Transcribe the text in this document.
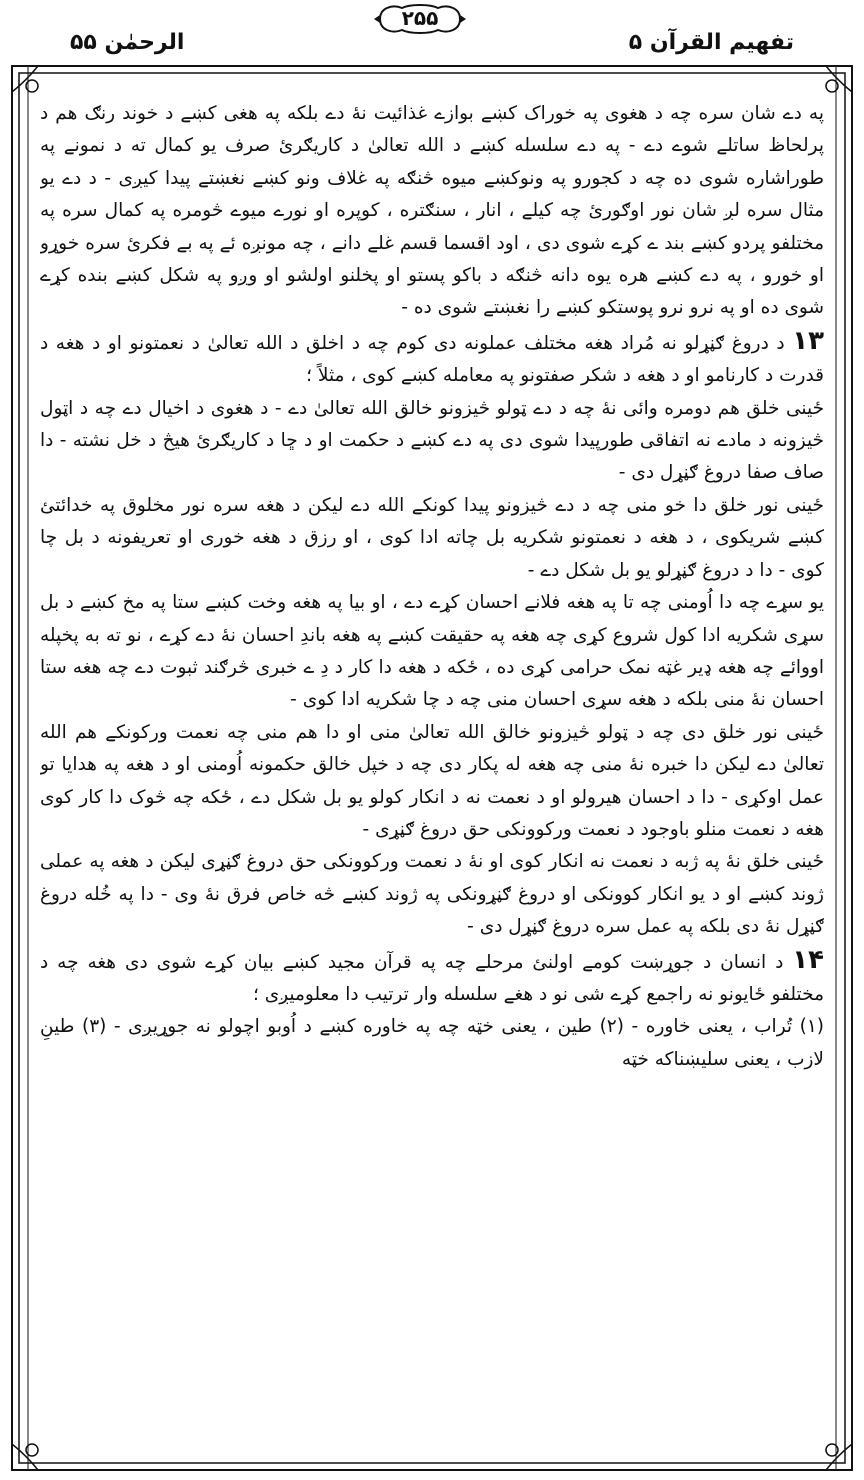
الرحمٰن ۵۵
۲۵۵
تفهيم القرآن ۵

په دے شان سره چه د هغوی په خوراک کښے بوازے غذائيت نۀ دے بلکه په هغی کښے د خوند رنګ هم د پرلحاظ ساتلے شوے دے - په دے سلسله کښے د الله تعالیٰ د کاريګرئ صرف يو کمال ته د نمونے په طوراشاره شوی ده چه د کجورو په ونوکښے ميوه څنګه په غلاف ونو کښے نغښتے پيدا کيږی - د دے يو مثال سره لږ شان نور اوګورئ چه کيلے ، انار ، سنګتره ، کوپره او نورے ميوے څومره په کمال سره په مختلفو پردو کښے بند ے کړے شوی دی ، اود اقسما قسم غلے دانے ، چه مونږه ئے په بے فکرئ سره خوړو او خورو ، په دے کښے هره يوه دانه څنګه د باکو پستو او پخلنو اولشو او وږو په شکل کښے بنده کړے شوی ده او په نرو نرو پوستکو کښے را نغښتے شوی ده -

۱۳ د دروغ ګڼړلو نه مُراد هغه مختلف عملونه دی کوم چه د اخلق د الله تعالیٰ د نعمتونو او د هغه د قدرت د کارنامو او د هغه د شکر صفتونو په معامله کښے کوی ، مثلاً ؛

ځينی خلق هم دومره وائی نۀ چه د دے ټولو څيزونو خالق الله تعالیٰ دے - د هغوی د اخيال دے چه د اټول څيزونه د مادے نه اتفاقی طورپيدا شوی دی په دے کښے د حکمت او د ڇا د کاريګرئ هيڅ د خل نشته - دا صاف صفا دروغ ګڼړل دی -

ځينی نور خلق دا خو منی چه د دے څيزونو پيدا کونکے الله دے لیکن د هغه سره نور مخلوق په خدائتئ کښے شريکوی ، د هغه د نعمتونو شکريه بل چاته ادا کوی ، او رزق د هغه خوری او تعريفونه د بل چا کوی - دا د دروغ ګڼړلو يو بل شکل دے -

يو سړے چه دا اُومنی چه تا په هغه فلانے احسان کړے دے ، او بيا په هغه وخت کښے ستا په مخ کښے د بل سړی شکريه ادا کول شروع کړی چه هغه په حقيقت کښے په هغه باندِ احسان نۀ دے کړے ، نو ته به پخپله اووائے چه هغه ډير غټه نمک حرامی کړی ده ، ځکه د هغه دا کار د دِ ے خبری څرګند ثبوت دے چه هغه ستا احسان نۀ منی بلکه د هغه سړی احسان منی چه د چا شکريه ادا کوی -

ځينی نور خلق دی چه د ټولو څيزونو خالق الله تعالیٰ منی او دا هم منی چه نعمت ورکونکے هم الله تعالیٰ دے لیکن دا خبره نۀ منی چه هغه له پکار دی چه د خپل خالق حکمونه اُومنی او د هغه په هدايا تو عمل اوکړی - دا د احسان هيرولو او د نعمت نه د انکار کولو يو بل شکل دے ، ځکه چه څوک دا کار کوی هغه د نعمت منلو باوجود د نعمت ورکوونکی حق دروغ ګڼړی -

ځينی خلق نۀ په ژبه د نعمت نه انکار کوی او نۀ د نعمت ورکوونکی حق دروغ ګڼړی لیکن د هغه په عملی ژوند کښے او د يو انکار کوونکی او دروغ ګڼړونکی په ژوند کښے څه خاص فرق نۀ وی - دا په خُله دروغ ګڼړل نۀ دی بلکه په عمل سره دروغ ګڼړل دی -

۱۴ د انسان د جوړښت کومے اولنئ مرحلے چه په قرآن مجيد کښے بيان کړے شوی دی هغه چه د مختلفو ځايونو نه راجمع کړے شی نو د هغے سلسله وار ترتيب دا معلوميږی ؛

(۱) تُراب ، يعنی خاوره - (۲) طين ، يعنی خټه چه په خاوره کښے د اُوبو اچولو نه جوړيږی - (۳) طينِ لازب ، يعنی سليښناکه خټه
